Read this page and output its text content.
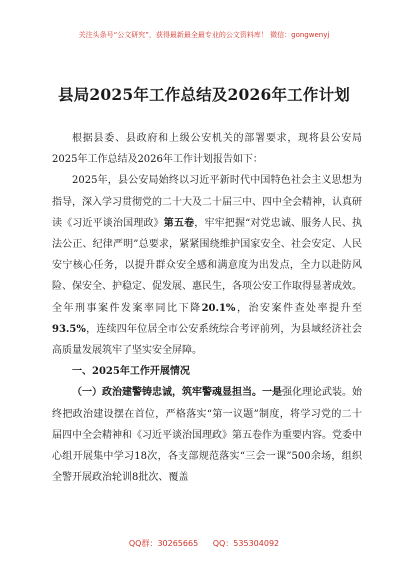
关注头条号“公文研究”，获得最新最全最专业的公文资料库！ 微信：gongwenyj
县局2025年工作总结及2026年工作计划

根据县委、县政府和上级公安机关的部署要求，现将县公安局2025年工作总结及2026年工作计划报告如下：

2025年，县公安局始终以习近平新时代中国特色社会主义思想为指导，深入学习贯彻党的二十大及二十届三中、四中全会精神，认真研读《习近平谈治国理政》第五卷，牢牢把握“对党忠诚、服务人民、执法公正、纪律严明”总要求，紧紧围绕维护国家安全、社会安定、人民安宁核心任务，以提升群众安全感和满意度为出发点，全力以赴防风险、保安全、护稳定、促发展、惠民生，各项公安工作取得显著成效。全年刑事案件发案率同比下降20.1%，治安案件查处率提升至93.5%，连续四年位居全市公安系统综合考评前列，为县域经济社会高质量发展筑牢了坚实安全屏障。

一、2025年工作开展情况

（一）政治建警铸忠诚，筑牢警魂显担当。一是强化理论武装。始终把政治建设摆在首位，严格落实“第一议题”制度，将学习党的二十届四中全会精神和《习近平谈治国理政》第五卷作为重要内容。党委中心组开展集中学习18次，各支部规范落实“三会一课”500余场，组织全警开展政治轮训8批次、覆盖

QQ群：30265665 QQ：535304092
